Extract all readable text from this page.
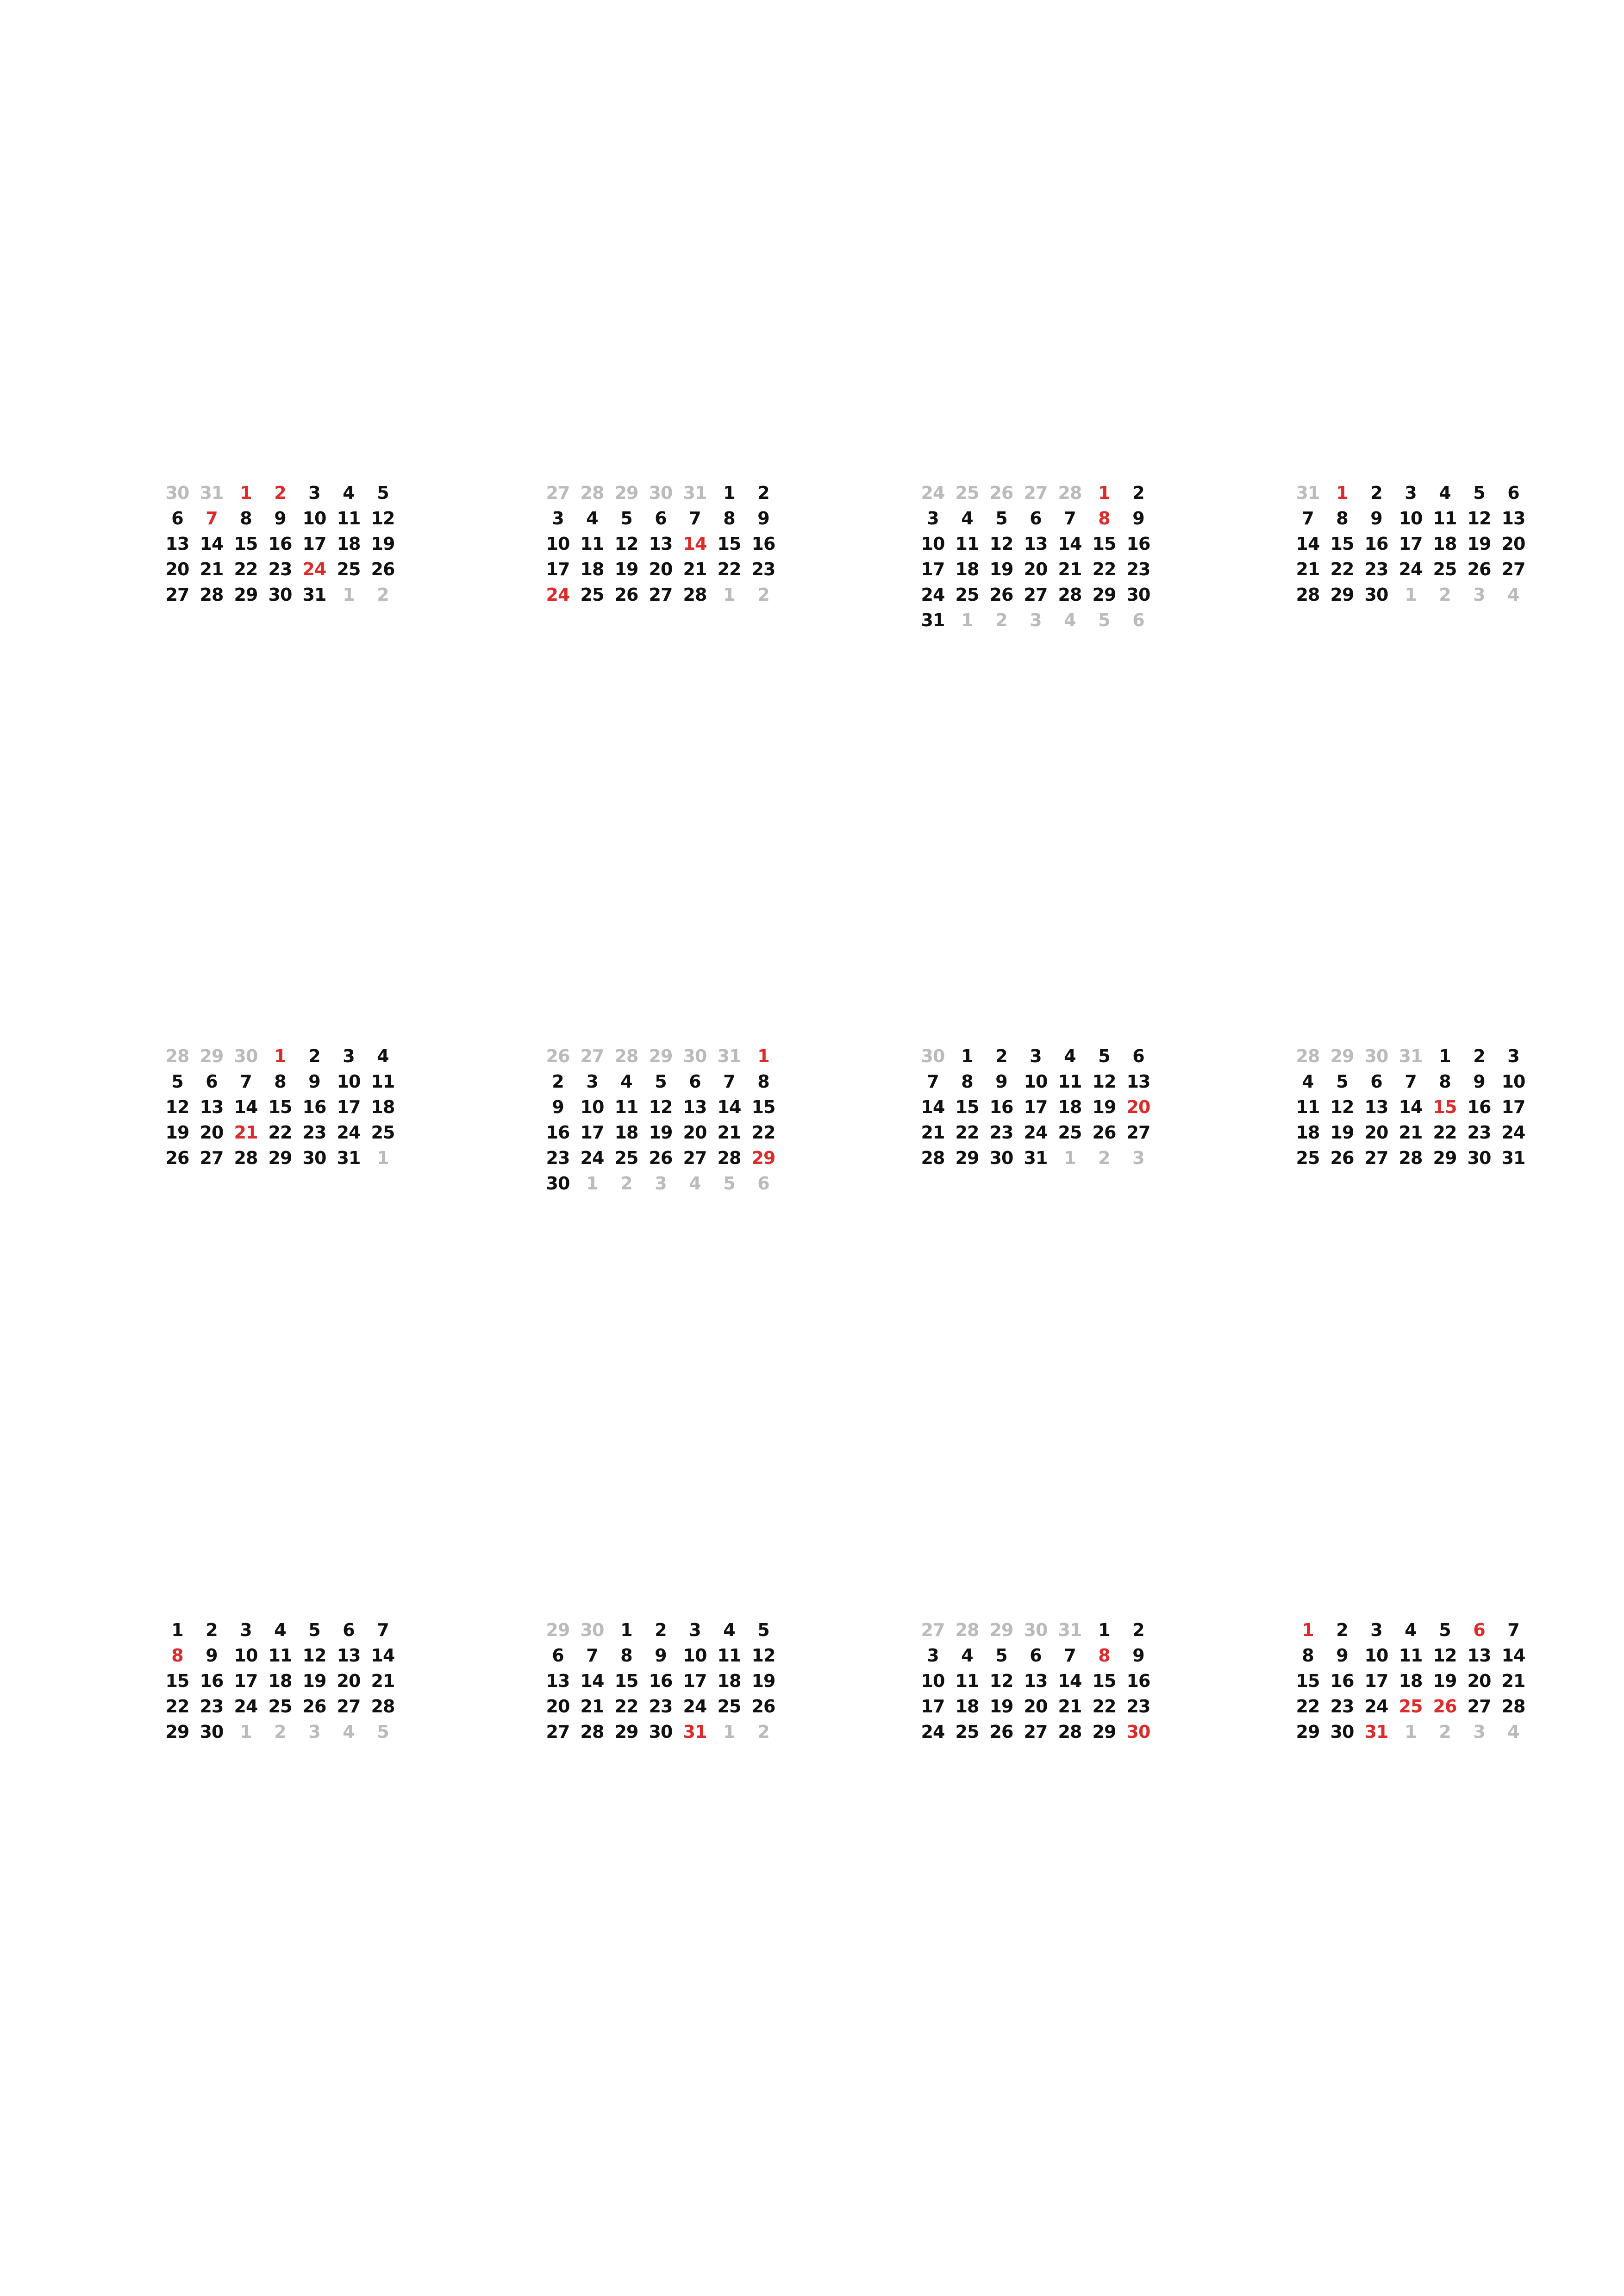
30 31 1	2	3	4	5
6	7	8	9 10 11 12
13 14 15 16 17 18 19
20 21 22 23 24 25 26
27 28 29 30 31 1	2
27 28 29 30 31 1	2
3	4	5	6	7	8	9
10 11 12 13 14 15 16
17 18 19 20 21 22 23
24 25 26 27 28 1	2
24 25 26 27 28 1	2
3	4	5	6	7	8	9
10 11 12 13 14 15 16
17 18 19 20 21 22 23
24 25 26 27 28 29 30
31 1	2	3	4	5	6
31 1	2	3	4	5	6
7	8	9 10 11 12 13
14 15 16 17 18 19 20
21 22 23 24 25 26 27
28 29 30 1	2	3	4
28 29 30 1	2	3	4
5	6	7	8	9 10 11
12 13 14 15 16 17 18
19 20 21 22 23 24 25
26 27 28 29 30 31 1
26 27 28 29 30 31 1
2	3	4	5	6	7	8
9 10 11 12 13 14 15
16 17 18 19 20 21 22
23 24 25 26 27 28 29
30 1	2	3	4	5	6
30 1	2	3	4	5	6
7	8	9 10 11 12 13
14 15 16 17 18 19 20
21 22 23 24 25 26 27
28 29 30 31 1	2	3
28 29 30 31 1	2	3
4	5	6	7	8	9 10
11 12 13 14 15 16 17
18 19 20 21 22 23 24
25 26 27 28 29 30 31
1	2	3	4	5	6	7
8	9 10 11 12 13 14
15 16 17 18 19 20 21
22 23 24 25 26 27 28
29 30 1	2	3	4	5
29 30 1	2	3	4	5
6	7	8	9 10 11 12
13 14 15 16 17 18 19
20 21 22 23 24 25 26
27 28 29 30 31 1	2
27 28 29 30 31 1	2
3	4	5	6	7	8	9
10 11 12 13 14 15 16
17 18 19 20 21 22 23
24 25 26 27 28 29 30
1	2	3	4	5	6	7
8	9 10 11 12 13 14
15 16 17 18 19 20 21
22 23 24 25 26 27 28
29 30 31 1	2	3	4
